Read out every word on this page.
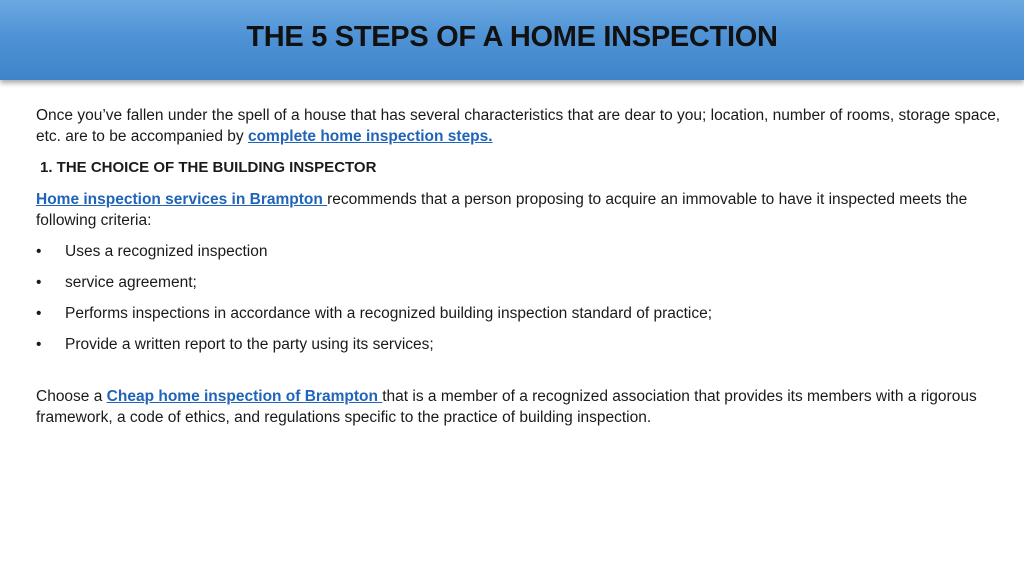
THE 5 STEPS OF A HOME INSPECTION

Once you’ve fallen under the spell of a house that has several characteristics that are dear to you; location, number of rooms, storage space, etc. are to be accompanied by complete home inspection steps.

1. THE CHOICE OF THE BUILDING INSPECTOR

Home inspection services in Brampton recommends that a person proposing to acquire an immovable to have it inspected meets the following criteria:

• Uses a recognized inspection
• service agreement;
• Performs inspections in accordance with a recognized building inspection standard of practice;
• Provide a written report to the party using its services;

Choose a Cheap home inspection of Brampton that is a member of a recognized association that provides its members with a rigorous framework, a code of ethics, and regulations specific to the practice of building inspection.
